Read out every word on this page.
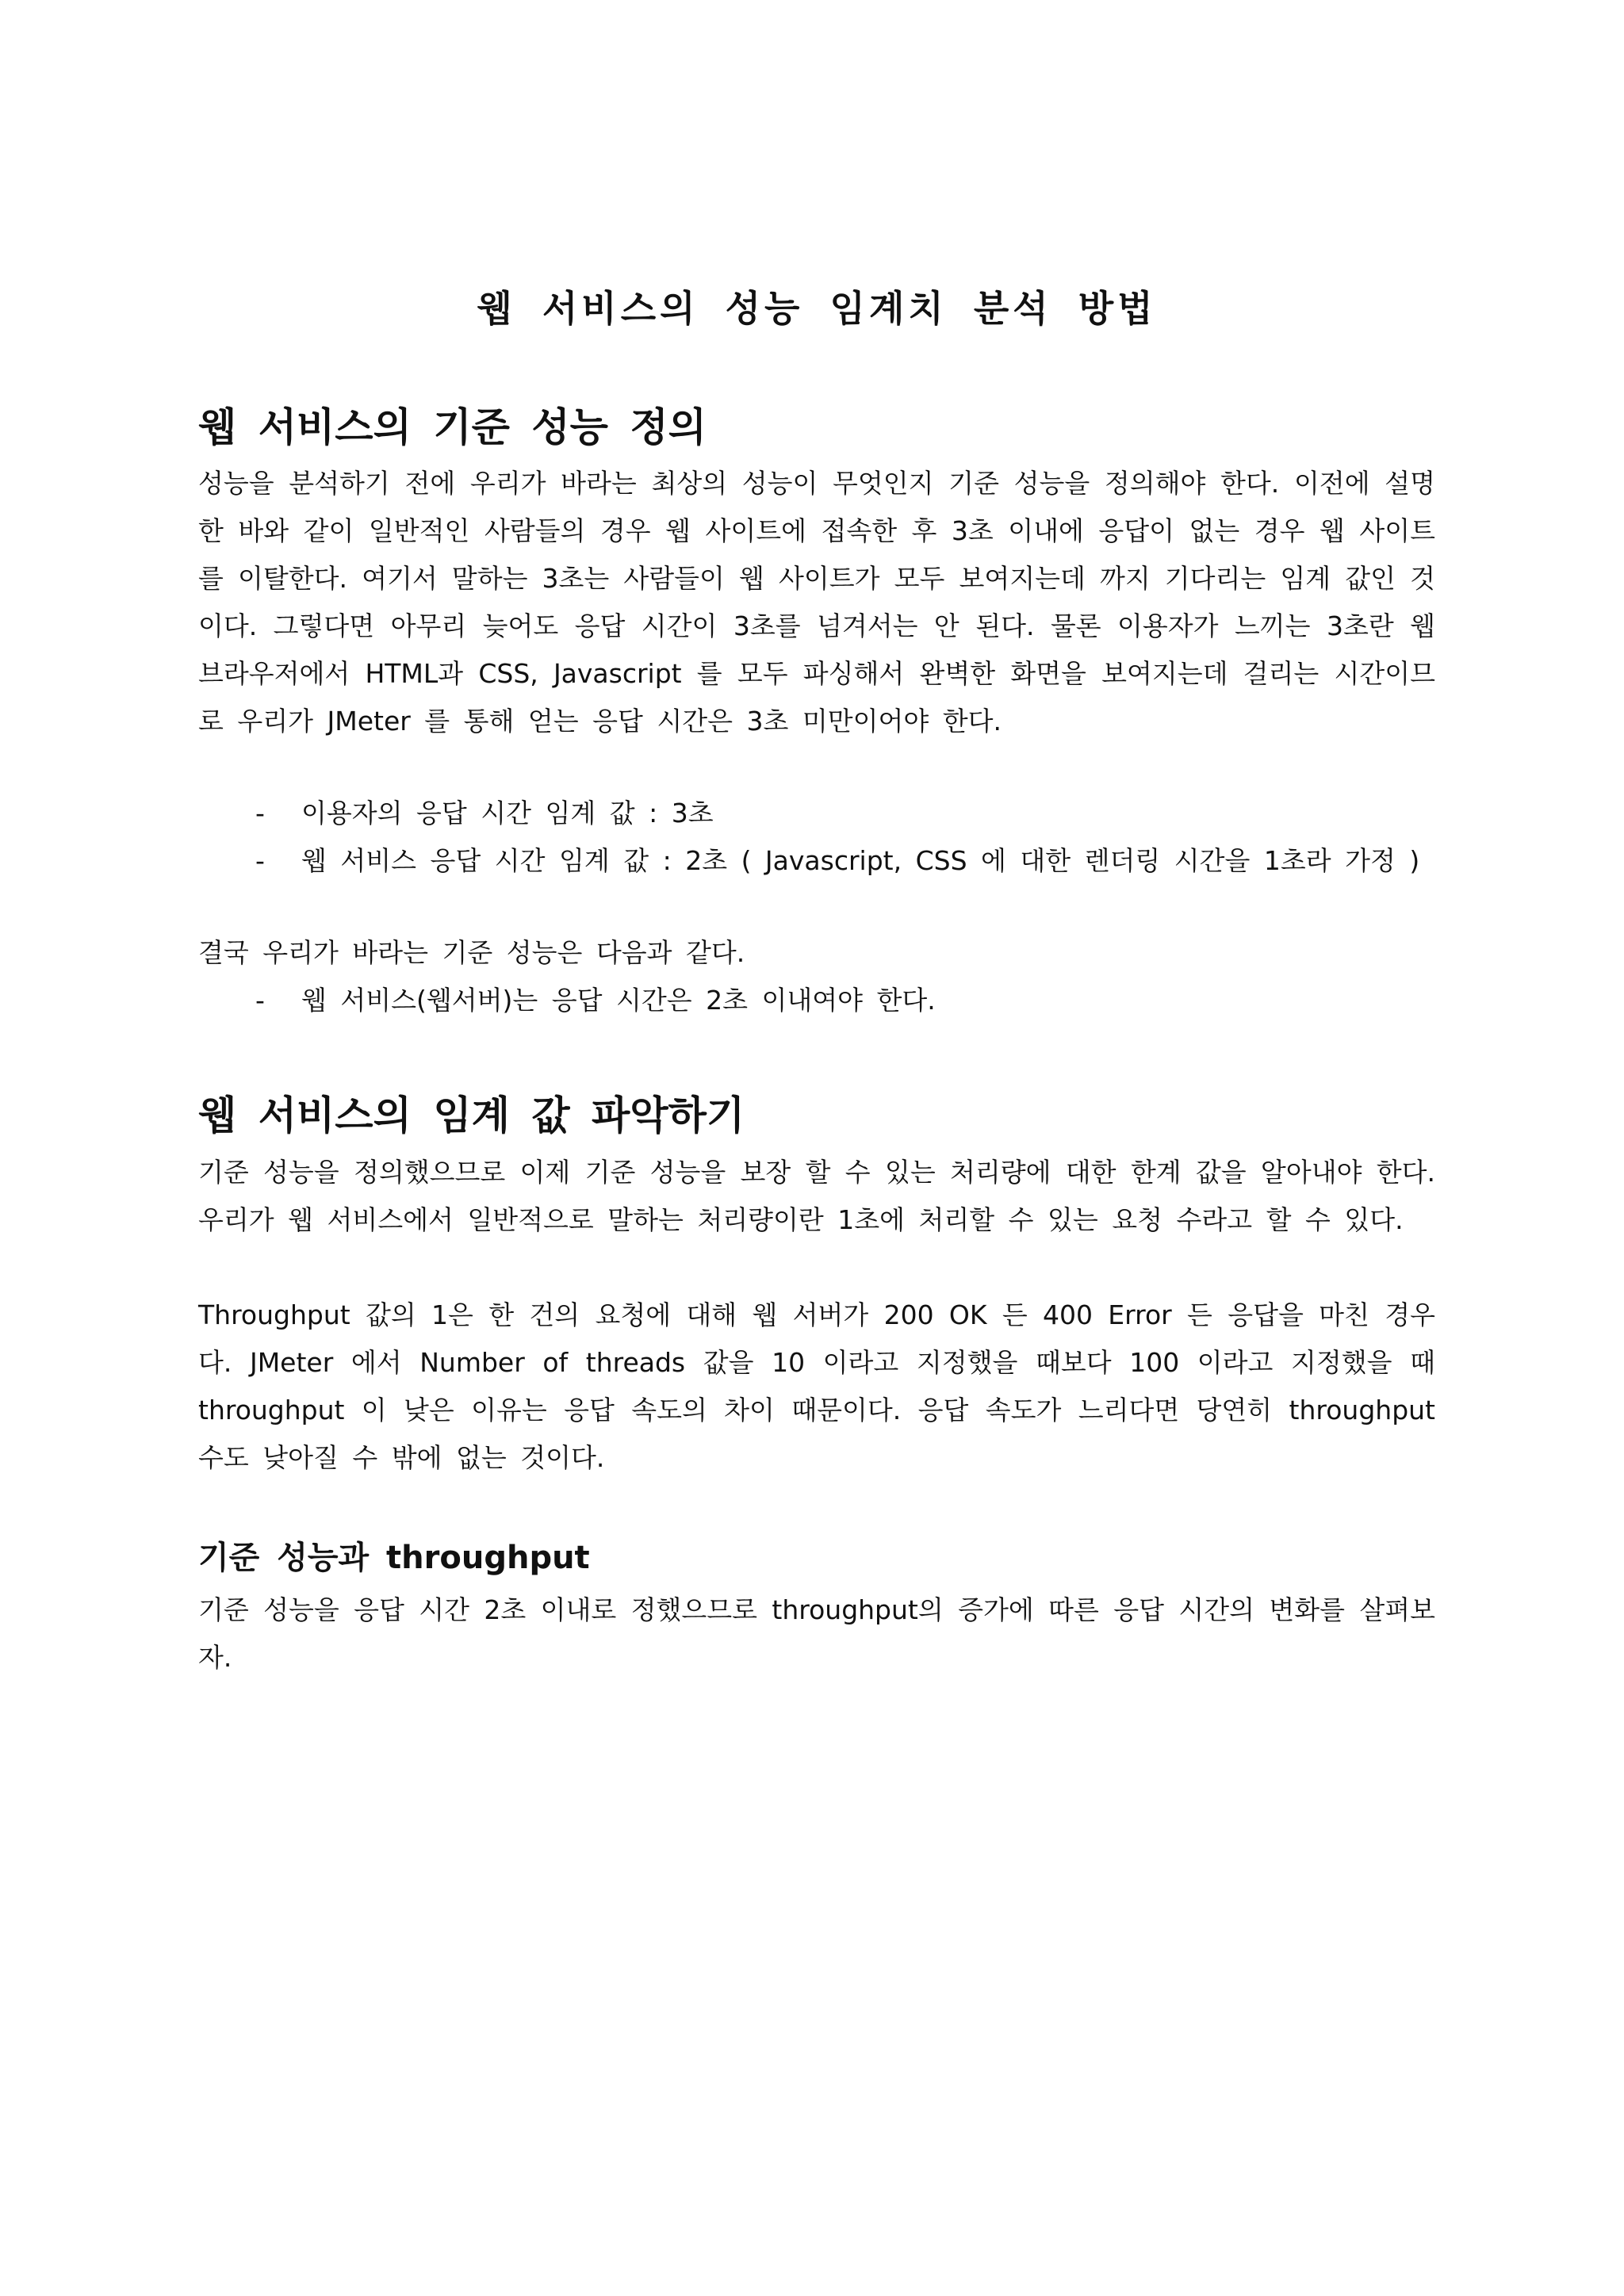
웹 서비스의 성능 임계치 분석 방법
웹 서비스의 기준 성능 정의

성능을 분석하기 전에 우리가 바라는 최상의 성능이 무엇인지 기준 성능을 정의해야 한다. 이전에 설명한 바와 같이 일반적인 사람들의 경우 웹 사이트에 접속한 후 3초 이내에 응답이 없는 경우 웹 사이트를 이탈한다. 여기서 말하는 3초는 사람들이 웹 사이트가 모두 보여지는데 까지 기다리는 임계 값인 것이다. 그렇다면 아무리 늦어도 응답 시간이 3초를 넘겨서는 안 된다. 물론 이용자가 느끼는 3초란 웹 브라우저에서 HTML과 CSS, Javascript 를 모두 파싱해서 완벽한 화면을 보여지는데 걸리는 시간이므로 우리가 JMeter 를 통해 얻는 응답 시간은 3초 미만이어야 한다.

- 이용자의 응답 시간 임계 값 : 3초
- 웹 서비스 응답 시간 임계 값 : 2초 ( Javascript, CSS 에 대한 렌더링 시간을 1초라 가정 )

결국 우리가 바라는 기준 성능은 다음과 같다.

- 웹 서비스(웹서버)는 응답 시간은 2초 이내여야 한다.
웹 서비스의 임계 값 파악하기

기준 성능을 정의했으므로 이제 기준 성능을 보장 할 수 있는 처리량에 대한 한계 값을 알아내야 한다. 우리가 웹 서비스에서 일반적으로 말하는 처리량이란 1초에 처리할 수 있는 요청 수라고 할 수 있다.

Throughput 값의 1은 한 건의 요청에 대해 웹 서버가 200 OK 든 400 Error 든 응답을 마친 경우다. JMeter 에서 Number of threads 값을 10 이라고 지정했을 때보다 100 이라고 지정했을 때 throughput 이 낮은 이유는 응답 속도의 차이 때문이다. 응답 속도가 느리다면 당연히 throughput 수도 낮아질 수 밖에 없는 것이다.

기준 성능과 throughput

기준 성능을 응답 시간 2초 이내로 정했으므로 throughput의 증가에 따른 응답 시간의 변화를 살펴보자.
